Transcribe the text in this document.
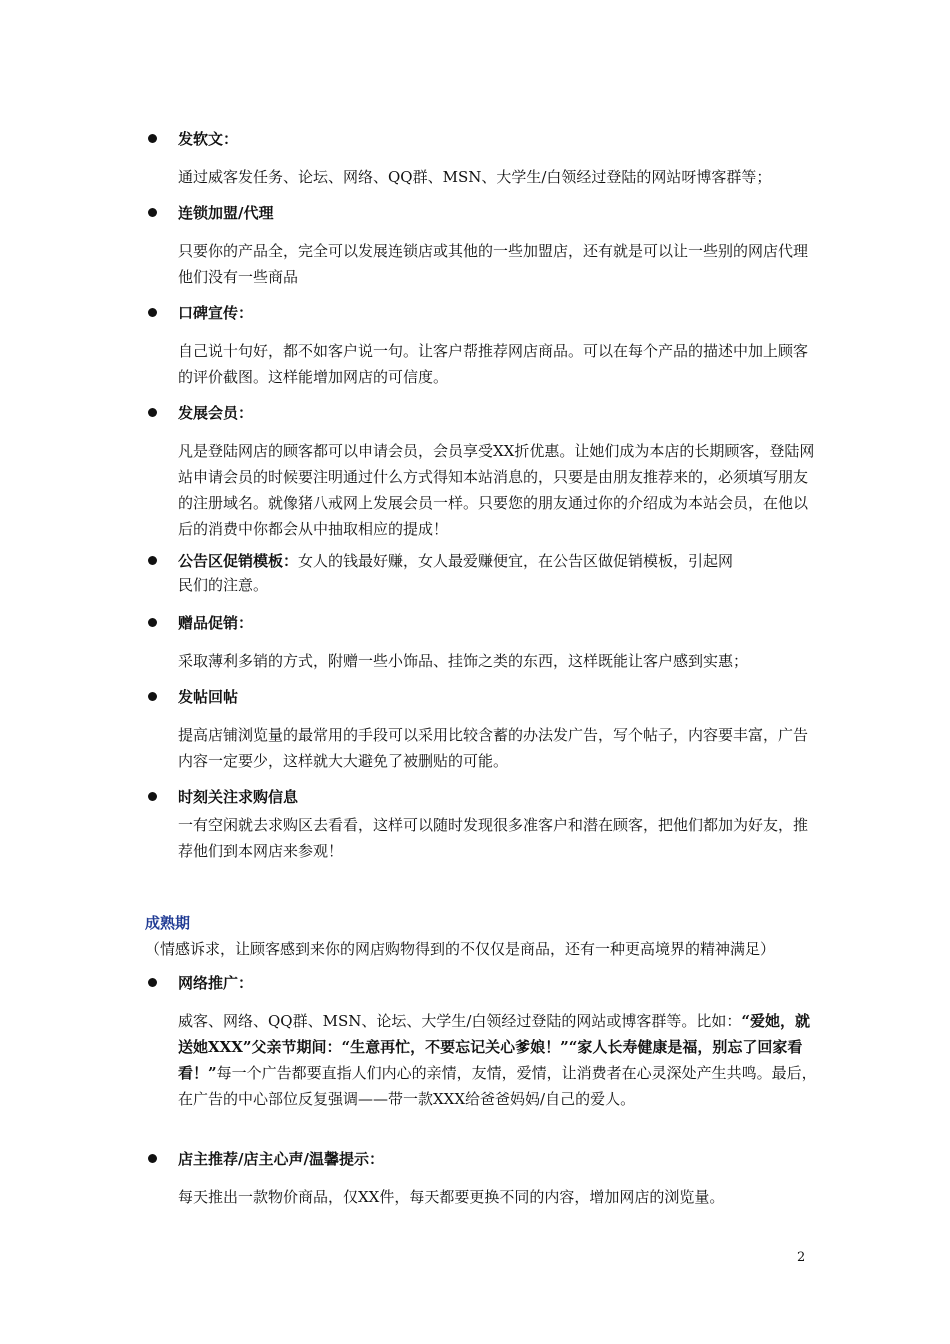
发软文：
通过威客发任务、论坛、网络、QQ群、MSN、大学生/白领经过登陆的网站呀博客群等；
连锁加盟/代理
只要你的产品全，完全可以发展连锁店或其他的一些加盟店，还有就是可以让一些别的网店代理他们没有一些商品
口碑宣传：
自己说十句好，都不如客户说一句。让客户帮推荐网店商品。可以在每个产品的描述中加上顾客的评价截图。这样能增加网店的可信度。
发展会员：
凡是登陆网店的顾客都可以申请会员，会员享受XX折优惠。让她们成为本店的长期顾客，登陆网站申请会员的时候要注明通过什么方式得知本站消息的，只要是由朋友推荐来的，必须填写朋友的注册域名。就像猪八戒网上发展会员一样。只要您的朋友通过你的介绍成为本站会员，在他以后的消费中你都会从中抽取相应的提成！
公告区促销模板：女人的钱最好赚，女人最爱赚便宜，在公告区做促销模板，引起网
民们的注意。
赠品促销：
采取薄利多销的方式，附赠一些小饰品、挂饰之类的东西，这样既能让客户感到实惠；
发帖回帖
提高店铺浏览量的最常用的手段可以采用比较含蓄的办法发广告，写个帖子，内容要丰富，广告内容一定要少，这样就大大避免了被删贴的可能。
时刻关注求购信息
一有空闲就去求购区去看看，这样可以随时发现很多准客户和潜在顾客，把他们都加为好友，推荐他们到本网店来参观！
成熟期（情感诉求，让顾客感到来你的网店购物得到的不仅仅是商品，还有一种更高境界的精神满足）
网络推广：
威客、网络、QQ群、MSN、论坛、大学生/白领经过登陆的网站或博客群等。比如：“爱她，就送她XXX”父亲节期间：“生意再忙，不要忘记关心爹娘！”“家人长寿健康是福，别忘了回家看看！”每一个广告都要直指人们内心的亲情，友情，爱情，让消费者在心灵深处产生共鸣。最后，在广告的中心部位反复强调——带一款XXX给爸爸妈妈/自己的爱人。
店主推荐/店主心声/温馨提示：
每天推出一款物价商品，仅XX件，每天都要更换不同的内容，增加网店的浏览量。
2
